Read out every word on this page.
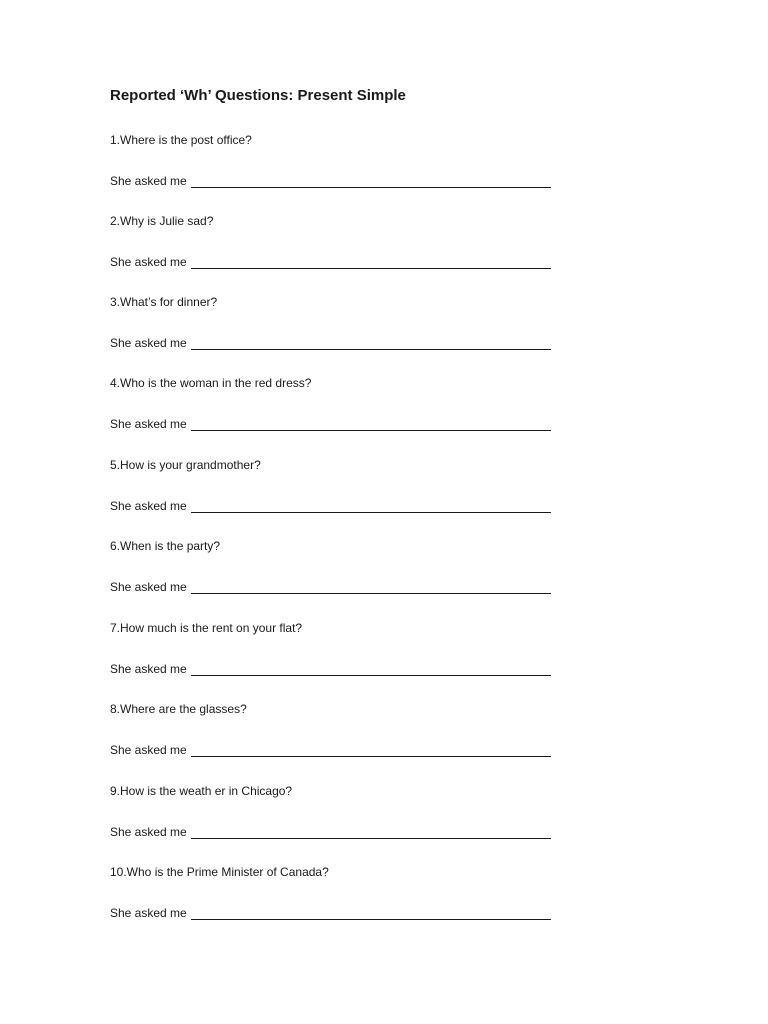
Reported ‘Wh’ Questions: Present Simple
1.Where is the post office?
She asked me
2.Why is Julie sad?
She asked me
3.What’s for dinner?
She asked me
4.Who is the woman in the red dress?
She asked me
5.How is your grandmother?
She asked me
6.When is the party?
She asked me
7.How much is the rent on your flat?
She asked me
8.Where are the glasses?
She asked me
9.How is the weath er in Chicago?
She asked me
10.Who is the Prime Minister of Canada?
She asked me
